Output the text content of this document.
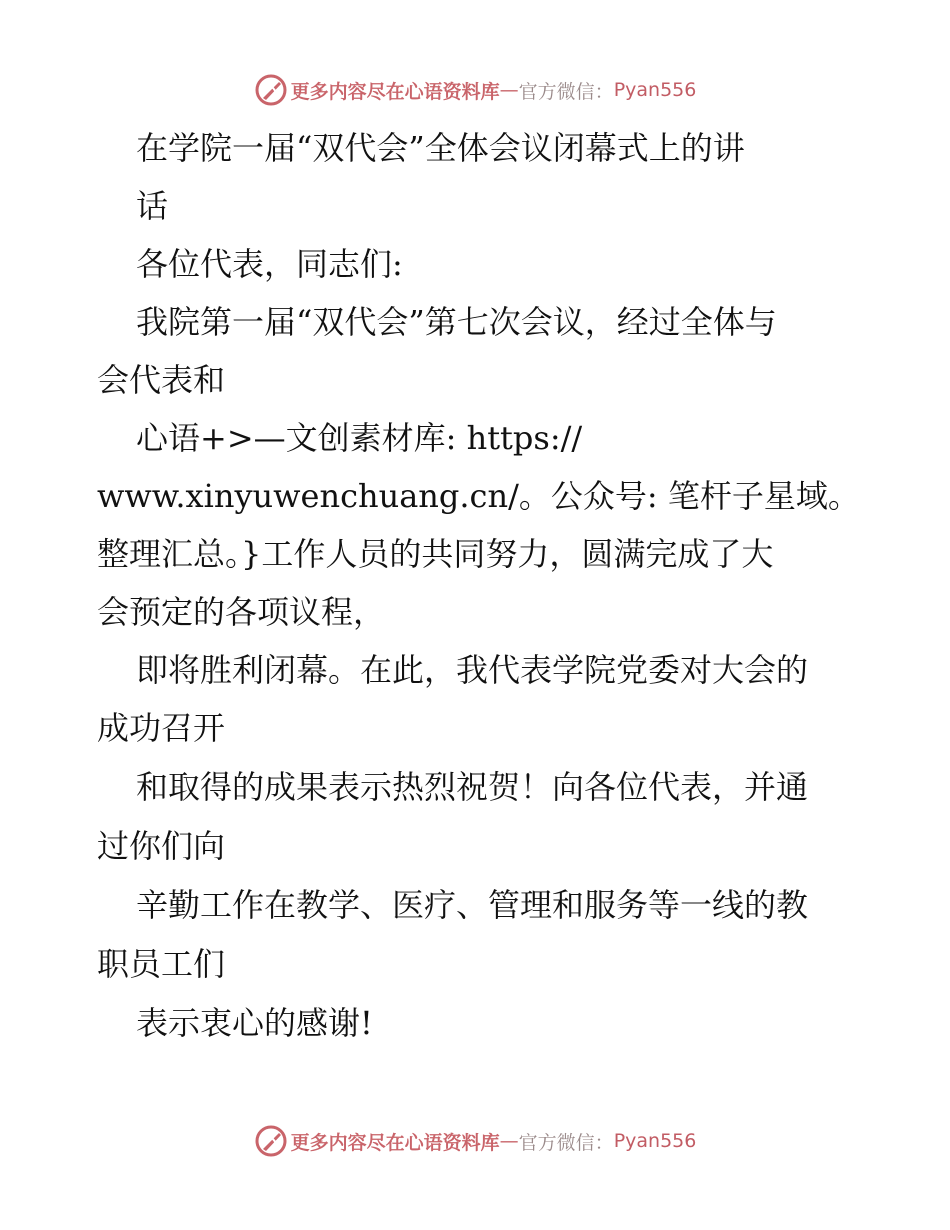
更多内容尽在心语资料库 — 官方微信： Pyan556
在学院一届“双代会”全体会议闭幕式上的讲
话
各位代表，同志们:
我院第一届“双代会”第七次会议，经过全体与
会代表和
心语+>—文创素材库: https://
www.xinyuwenchuang.cn/。公众号: 笔杆子星域。
整理汇总。}工作人员的共同努力，圆满完成了大
会预定的各项议程，
即将胜利闭幕。在此，我代表学院党委对大会的
成功召开
和取得的成果表示热烈祝贺！向各位代表，并通
过你们向
辛勤工作在教学、医疗、管理和服务等一线的教
职员工们
表示衷心的感谢!
更多内容尽在心语资料库 — 官方微信： Pyan556
